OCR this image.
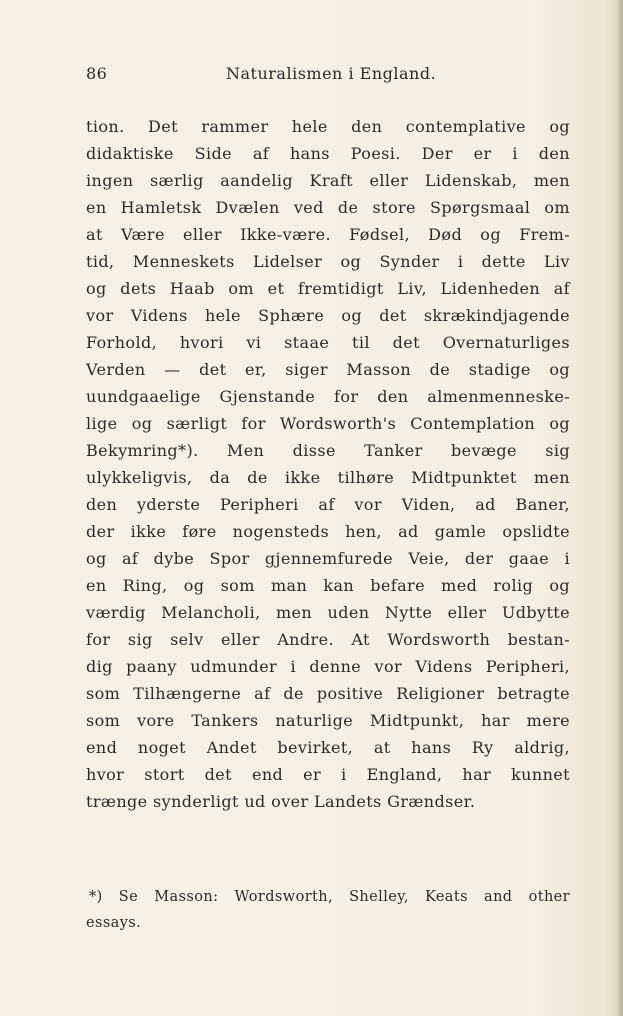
86	Naturalismen i England.
tion. Det rammer hele den contemplative og
didaktiske Side af hans Poesi. Der er i den
ingen særlig aandelig Kraft eller Lidenskab, men
en Hamletsk Dvælen ved de store Spørgsmaal om
at Være eller Ikke-være. Fødsel, Død og Frem-
tid, Menneskets Lidelser og Synder i dette Liv
og dets Haab om et fremtidigt Liv, Lidenheden af
vor Videns hele Sphære og det skrækindjagende
Forhold, hvori vi staae til det Overnaturliges
Verden — det er, siger Masson de stadige og
uundgaaelige Gjenstande for den almenmenneske-
lige og særligt for Wordsworth's Contemplation og
Bekymring*). Men disse Tanker bevæge sig
ulykkeligvis, da de ikke tilhøre Midtpunktet men
den yderste Peripheri af vor Viden, ad Baner,
der ikke føre nogensteds hen, ad gamle opslidte
og af dybe Spor gjennemfurede Veie, der gaae i
en Ring, og som man kan befare med rolig og
værdig Melancholi, men uden Nytte eller Udbytte
for sig selv eller Andre. At Wordsworth bestan-
dig paany udmunder i denne vor Videns Peripheri,
som Tilhængerne af de positive Religioner betragte
som vore Tankers naturlige Midtpunkt, har mere
end noget Andet bevirket, at hans Ry aldrig,
hvor stort det end er i England, har kunnet
trænge synderligt ud over Landets Grændser.
*) Se Masson: Wordsworth, Shelley, Keats and other
essays.
